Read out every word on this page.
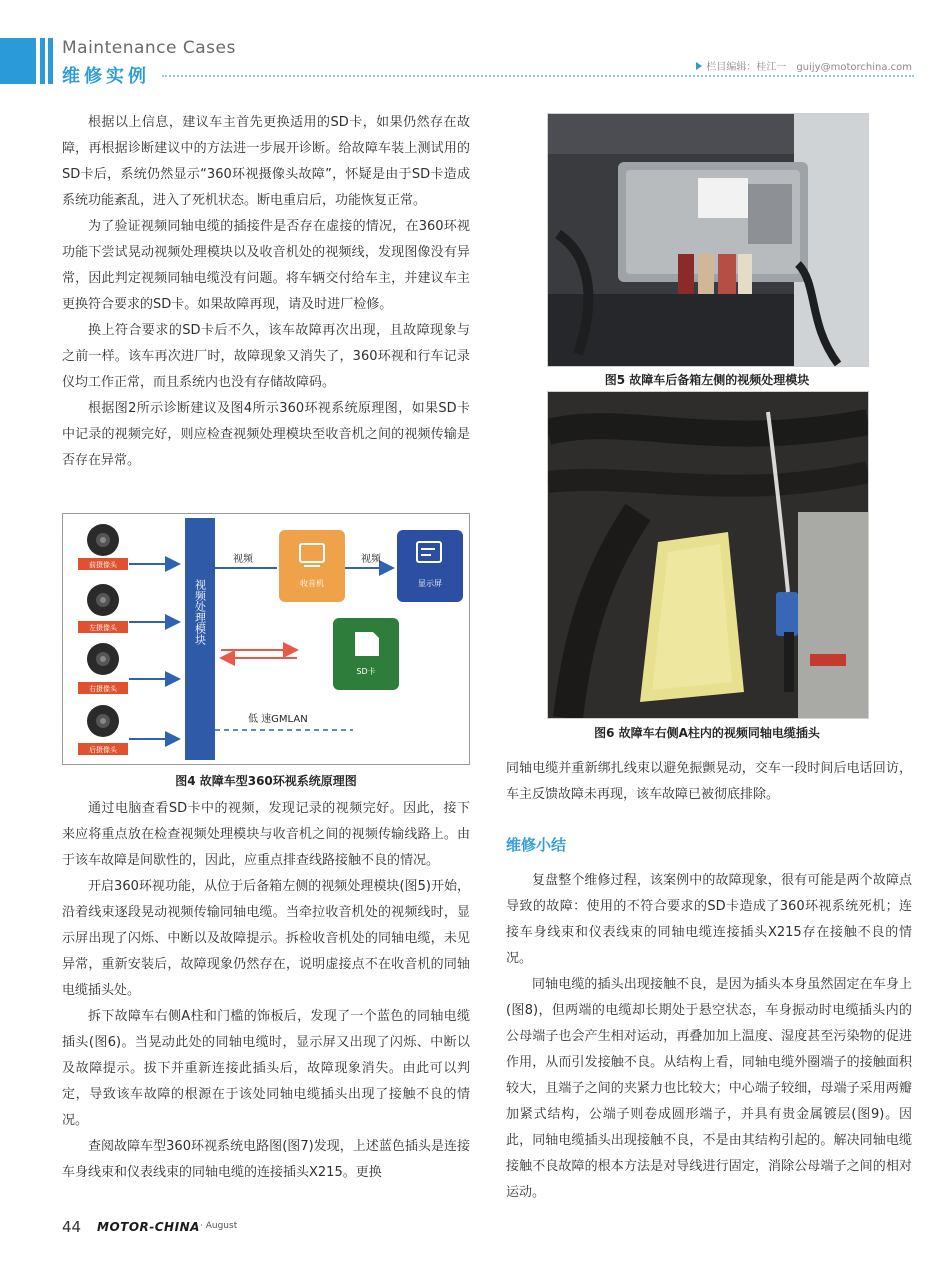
Maintenance Cases
维修实例	栏目编辑：桂江一　guijy@motorchina.com

根据以上信息，建议车主首先更换适用的SD卡，如果仍然存在故障，再根据诊断建议中的方法进一步展开诊断。给故障车装上测试用的SD卡后，系统仍然显示“360环视摄像头故障”，怀疑是由于SD卡造成系统功能紊乱，进入了死机状态。断电重启后，功能恢复正常。

为了验证视频同轴电缆的插接件是否存在虚接的情况，在360环视功能下尝试晃动视频处理模块以及收音机处的视频线，发现图像没有异常，因此判定视频同轴电缆没有问题。将车辆交付给车主，并建议车主更换符合要求的SD卡。如果故障再现，请及时进厂检修。

换上符合要求的SD卡后不久，该车故障再次出现，且故障现象与之前一样。该车再次进厂时，故障现象又消失了，360环视和行车记录仪均工作正常，而且系统内也没有存储故障码。

根据图2所示诊断建议及图4所示360环视系统原理图，如果SD卡中记录的视频完好，则应检查视频处理模块至收音机之间的视频传输是否存在异常。

前摄像头
左摄像头
右摄像头
后摄像头
视频处理模块
视频
收音机
视频
显示屏
SD卡
低 速GMLAN
图4 故障车型360环视系统原理图

通过电脑查看SD卡中的视频，发现记录的视频完好。因此，接下来应将重点放在检查视频处理模块与收音机之间的视频传输线路上。由于该车故障是间歇性的，因此，应重点排查线路接触不良的情况。

开启360环视功能，从位于后备箱左侧的视频处理模块(图5)开始，沿着线束逐段晃动视频传输同轴电缆。当牵拉收音机处的视频线时，显示屏出现了闪烁、中断以及故障提示。拆检收音机处的同轴电缆，未见异常，重新安装后，故障现象仍然存在，说明虚接点不在收音机的同轴电缆插头处。

拆下故障车右侧A柱和门槛的饰板后，发现了一个蓝色的同轴电缆插头(图6)。当晃动此处的同轴电缆时，显示屏又出现了闪烁、中断以及故障提示。拔下并重新连接此插头后，故障现象消失。由此可以判定，导致该车故障的根源在于该处同轴电缆插头出现了接触不良的情况。

查阅故障车型360环视系统电路图(图7)发现，上述蓝色插头是连接车身线束和仪表线束的同轴电缆的连接插头X215。更换

图5 故障车后备箱左侧的视频处理模块
图6 故障车右侧A柱内的视频同轴电缆插头

同轴电缆并重新绑扎线束以避免振颤晃动，交车一段时间后电话回访，车主反馈故障未再现，该车故障已被彻底排除。

维修小结

复盘整个维修过程，该案例中的故障现象，很有可能是两个故障点导致的故障：使用的不符合要求的SD卡造成了360环视系统死机；连接车身线束和仪表线束的同轴电缆连接插头X215存在接触不良的情况。

同轴电缆的插头出现接触不良，是因为插头本身虽然固定在车身上(图8)，但两端的电缆却长期处于悬空状态，车身振动时电缆插头内的公母端子也会产生相对运动，再叠加加上温度、湿度甚至污染物的促进作用，从而引发接触不良。从结构上看，同轴电缆外圈端子的接触面积较大，且端子之间的夹紧力也比较大；中心端子较细，母端子采用两瓣加紧式结构，公端子则卷成圆形端子，并具有贵金属镀层(图9)。因此，同轴电缆插头出现接触不良，不是由其结构引起的。解决同轴电缆接触不良故障的根本方法是对导线进行固定，消除公母端子之间的相对运动。

44 MOTOR-CHINA · August
